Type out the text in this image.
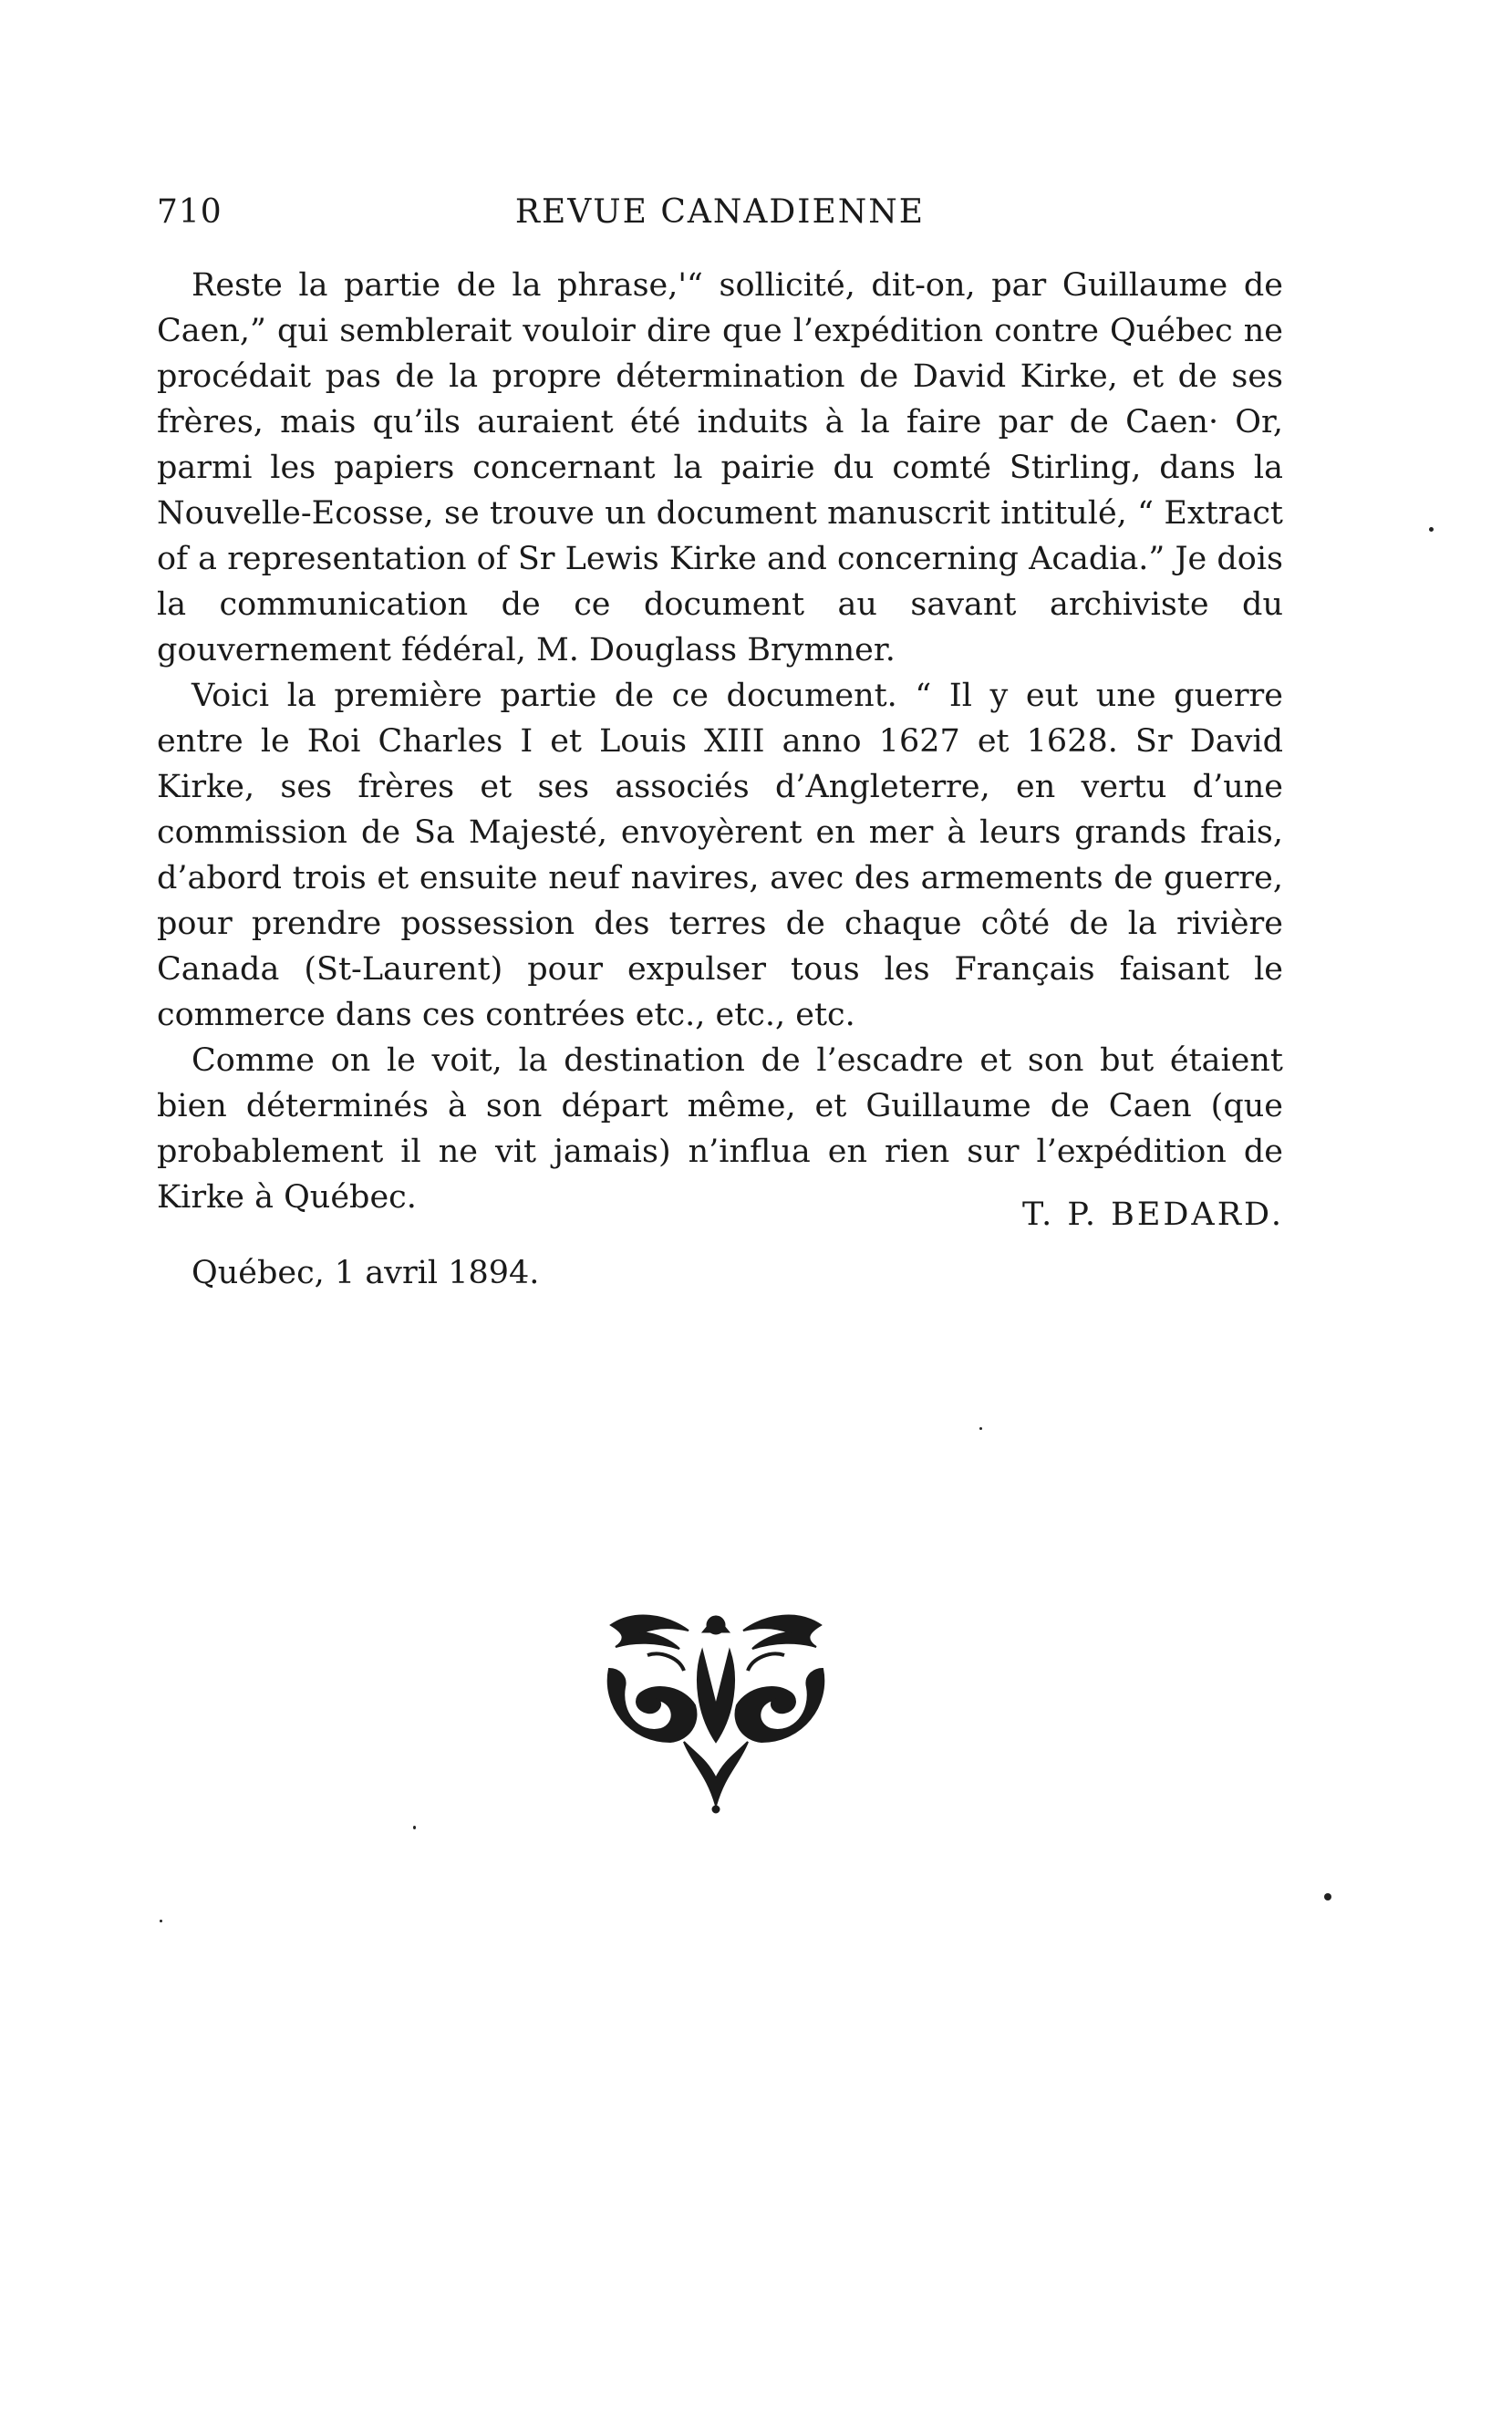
710	REVUE CANADIENNE

Reste la partie de la phrase,'“ sollicité, dit-on, par Guillaume de Caen,” qui semblerait vouloir dire que l’expédition contre Québec ne procédait pas de la propre détermination de David Kirke, et de ses frères, mais qu’ils auraient été induits à la faire par de Caen· Or, parmi les papiers concernant la pairie du comté Stirling, dans la Nouvelle-Ecosse, se trouve un document manuscrit intitulé, “ Extract of a representation of Sr Lewis Kirke and concerning Acadia.” Je dois la communication de ce document au savant archiviste du gouvernement fédéral, M. Douglass Brymner.

Voici la première partie de ce document. “ Il y eut une guerre entre le Roi Charles I et Louis XIII anno 1627 et 1628. Sr David Kirke, ses frères et ses associés d’Angleterre, en vertu d’une commission de Sa Majesté, envoyèrent en mer à leurs grands frais, d’abord trois et ensuite neuf navires, avec des armements de guerre, pour prendre possession des terres de chaque côté de la rivière Canada (St-Laurent) pour expulser tous les Français faisant le commerce dans ces contrées etc., etc., etc.

Comme on le voit, la destination de l’escadre et son but étaient bien déterminés à son départ même, et Guillaume de Caen (que probablement il ne vit jamais) n’influa en rien sur l’expédition de Kirke à Québec.	T. P. BEDARD.
Québec, 1 avril 1894.
